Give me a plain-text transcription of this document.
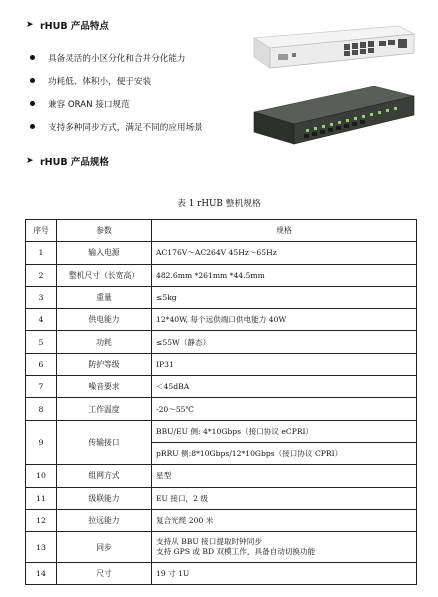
➤ rHUB 产品特点
具备灵活的小区分化和合并分化能力
功耗低、体积小，便于安装
兼容 ORAN 接口规范
支持多种同步方式，满足不同的应用场景
➤ rHUB 产品规格
表 1 rHUB 整机规格
序号	参数	规格
1	输入电源	AC176V～AC264V 45Hz～65Hz
2	整机尺寸（长宽高）	482.6mm *261mm *44.5mm
3	重量	≤5kg
4	供电能力	12*40W, 每个远供端口供电能力 40W
5	功耗	≤55W（静态）
6	防护等级	IP31
7	噪音要求	＜45dBA
8	工作温度	-20～55℃
9	传输接口	BBU/EU 侧: 4*10Gbps（接口协议 eCPRI）
		pRRU 侧:8*10Gbps/12*10Gbps（接口协议 CPRI）
10	组网方式	星型
11	级联能力	EU 接口，2 级
12	拉远能力	复合光缆 200 米
13	同步	支持从 BBU 接口提取时钟同步
支持 GPS 或 BD 双模工作，具备自动切换功能

14	尺寸	19 寸 1U
